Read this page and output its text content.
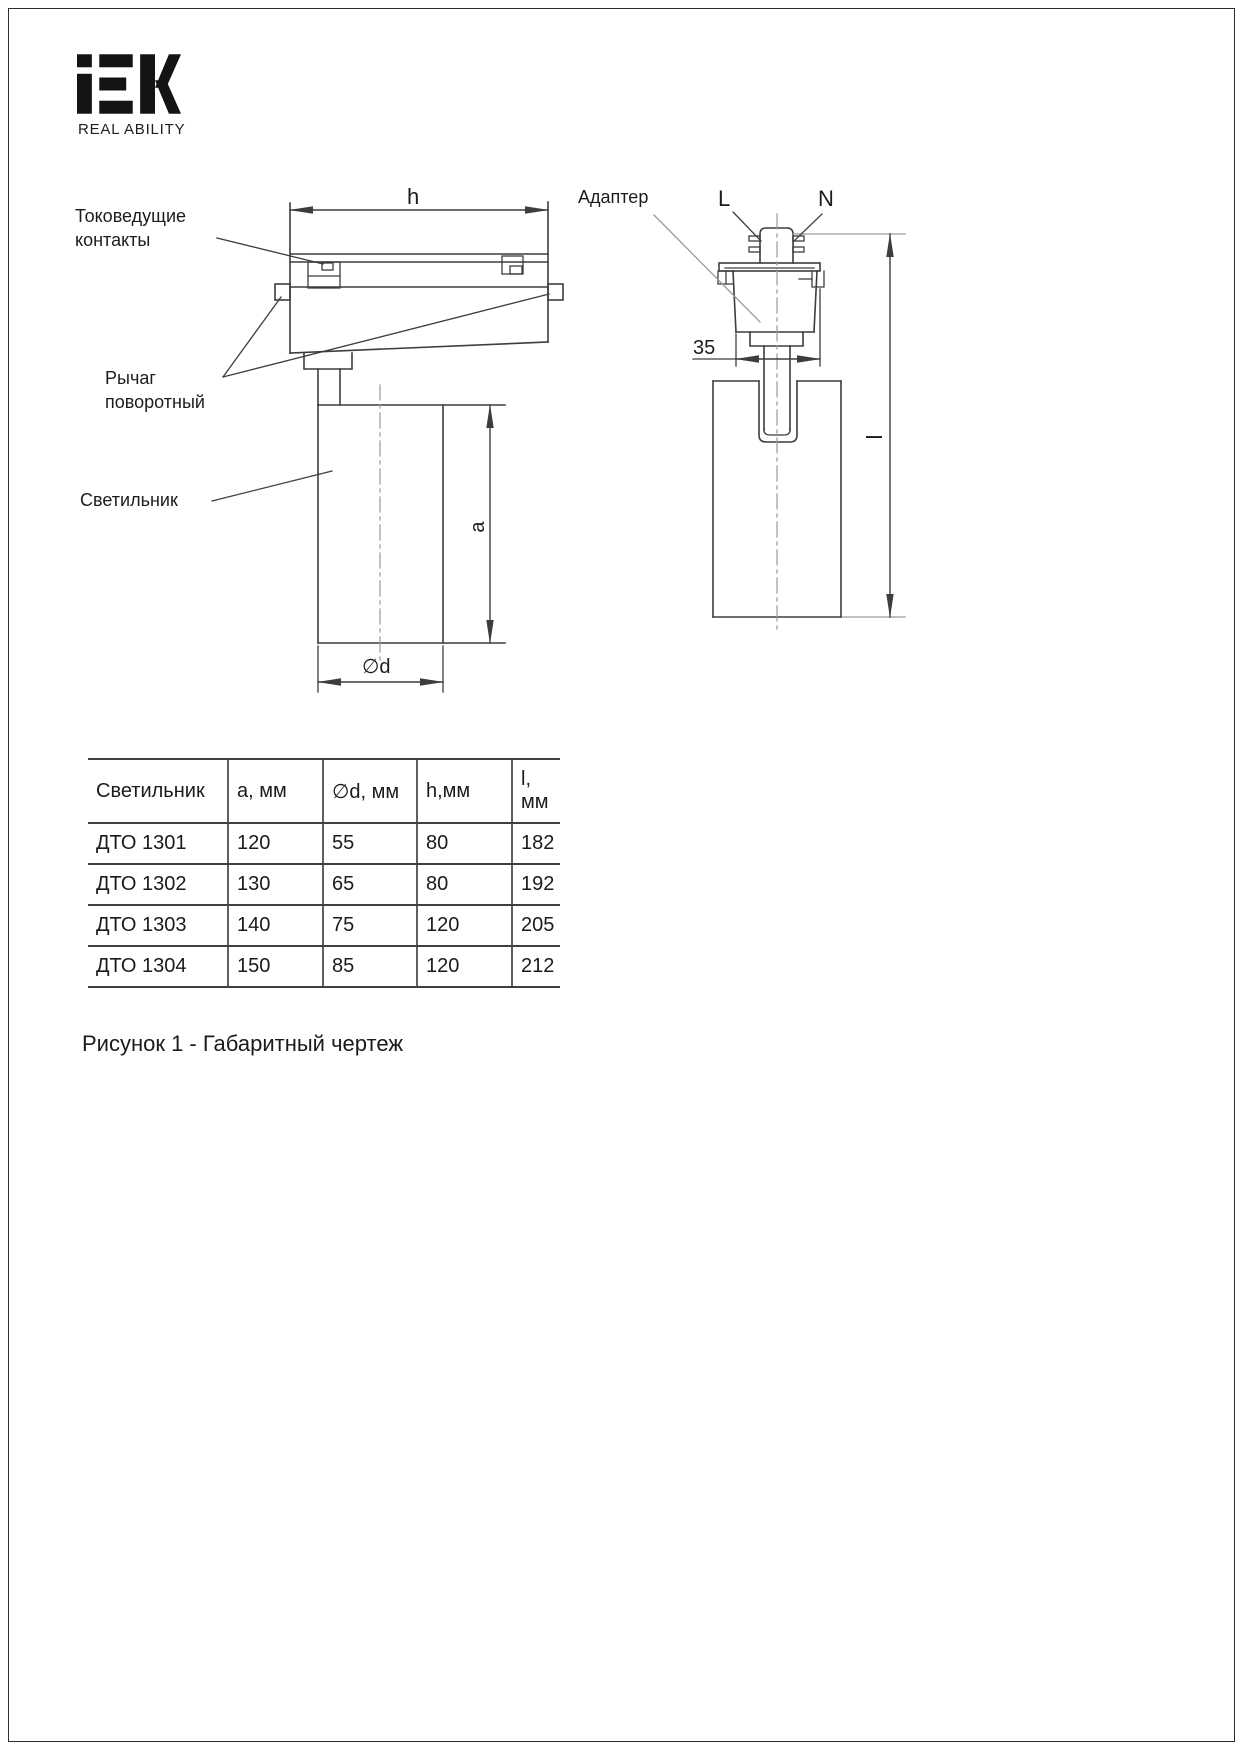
REAL ABILITY
Токоведущие
контакты
Рычаг
поворотный
Светильник
h
a
∅d
Адаптер	L	N
35
l
Светильник	a, мм	∅d, мм	h,мм	l, мм
ДТО 1301	120	55	80	182
ДТО 1302	130	65	80	192
ДТО 1303	140	75	120	205
ДТО 1304	150	85	120	212
Рисунок 1 - Габаритный чертеж
